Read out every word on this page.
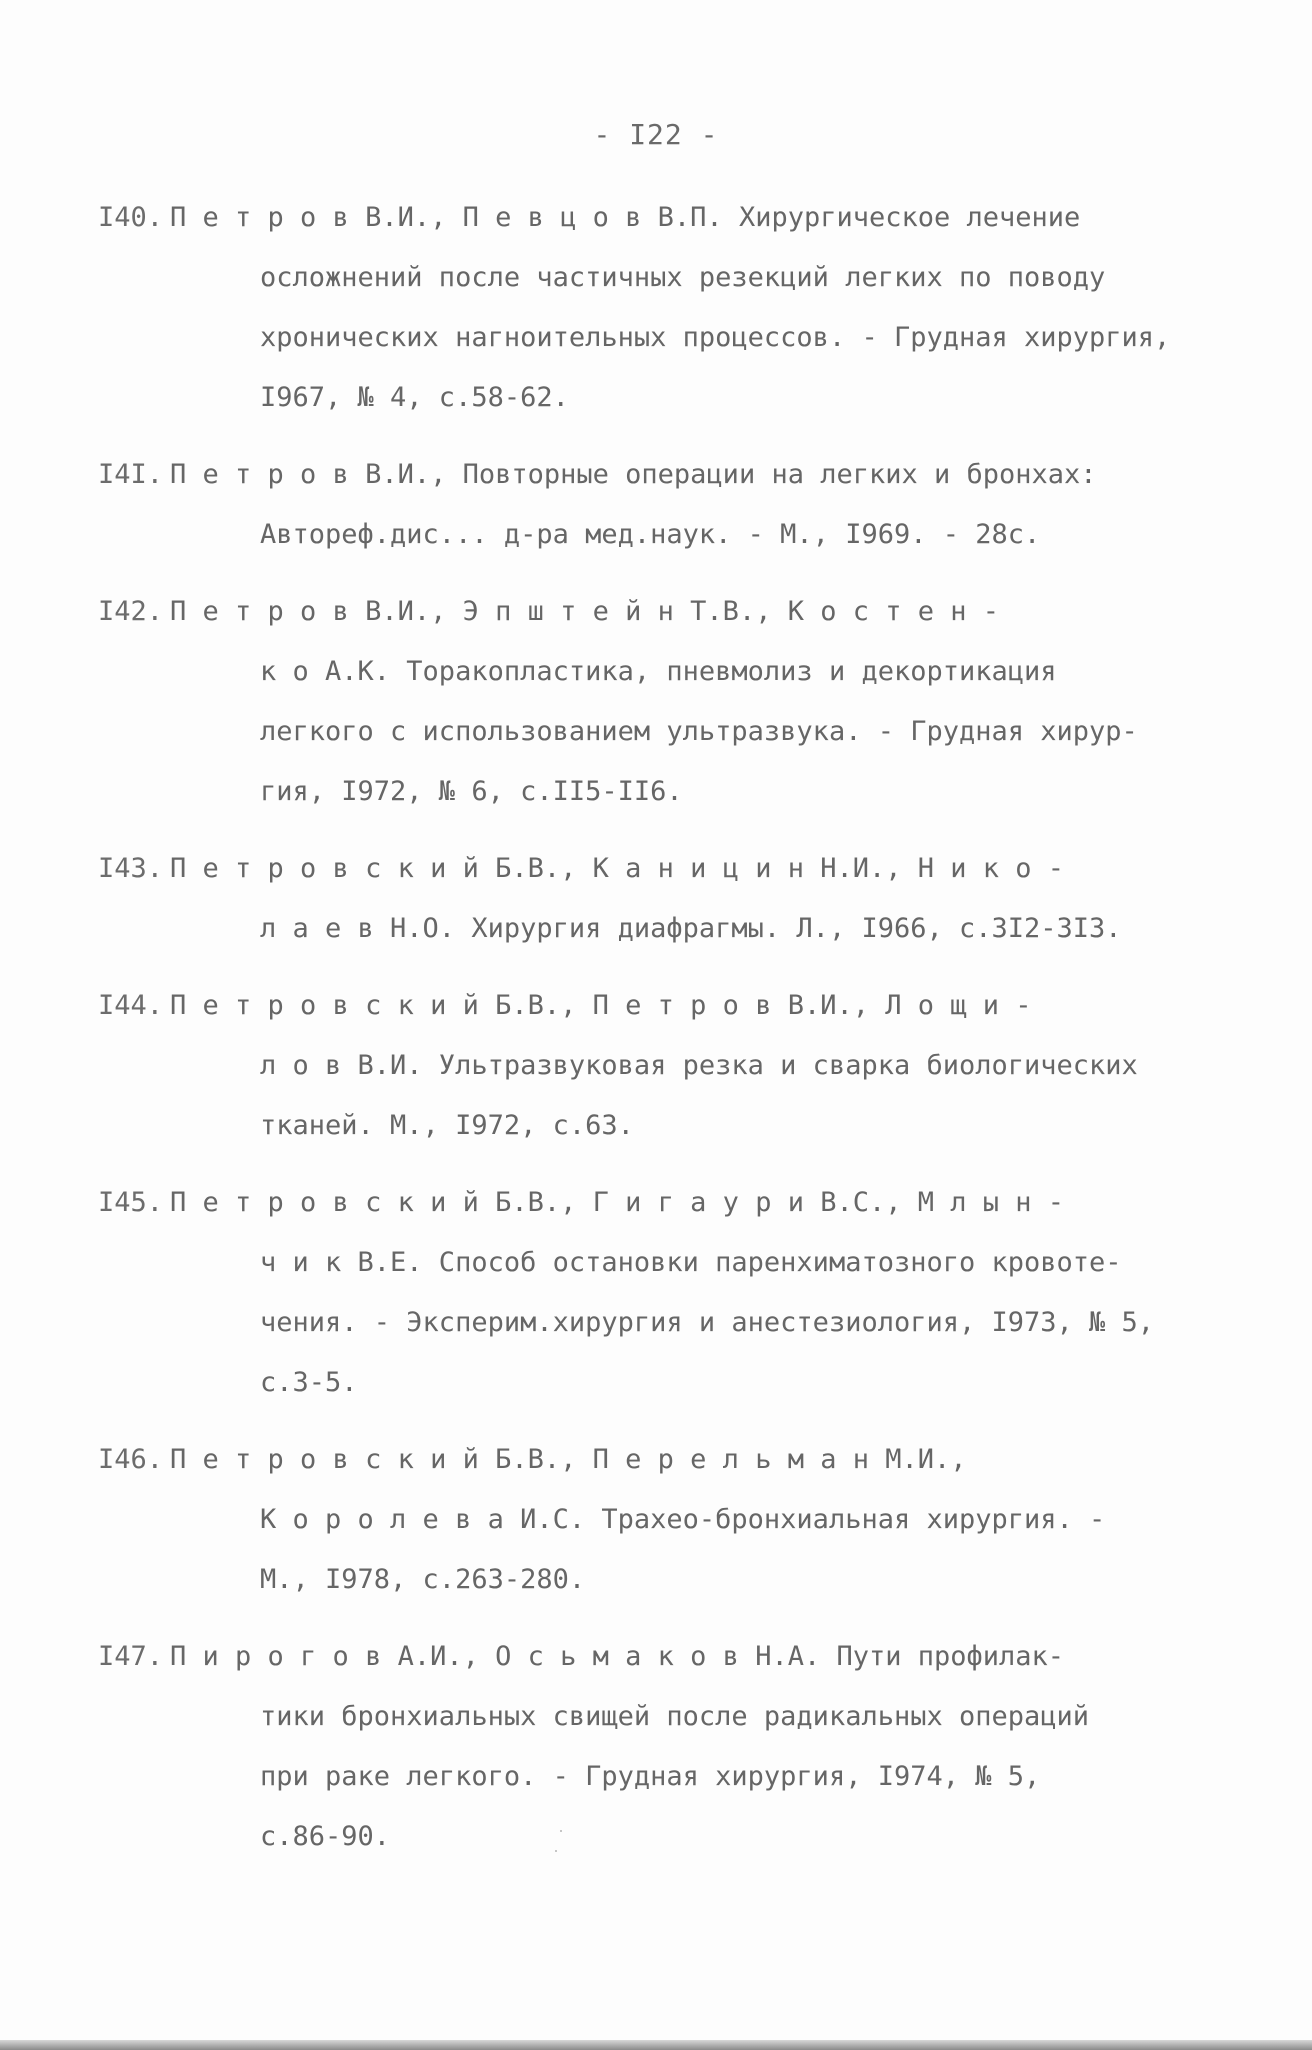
- I22 -
I40. П е т р о в В.И., П е в ц о в В.П. Хирургическое лечение
осложнений после частичных резекций легких по поводу
хронических нагноительных процессов. - Грудная хирургия,
I967, № 4, с.58-62.
I4I. П е т р о в В.И., Повторные операции на легких и бронхах:
Автореф.дис... д-ра мед.наук. - М., I969. - 28с.
I42. П е т р о в В.И., Э п ш т е й н Т.В., К о с т е н -
к о А.К. Торакопластика, пневмолиз и декортикация
легкого с использованием ультразвука. - Грудная хирур-
гия, I972, № 6, с.II5-II6.
I43. П е т р о в с к и й Б.В., К а н и ц и н Н.И., Н и к о -
л а е в Н.О. Хирургия диафрагмы. Л., I966, с.3I2-3I3.
I44. П е т р о в с к и й Б.В., П е т р о в В.И., Л о щ и -
л о в В.И. Ультразвуковая резка и сварка биологических
тканей. М., I972, с.63.
I45. П е т р о в с к и й Б.В., Г и г а у р и В.С., М л ы н -
ч и к В.Е. Способ остановки паренхиматозного кровоте-
чения. - Эксперим.хирургия и анестезиология, I973, № 5,
с.3-5.
I46. П е т р о в с к и й Б.В., П е р е л ь м а н М.И.,
К о р о л е в а И.С. Трахео-бронхиальная хирургия. -
М., I978, с.263-280.
I47. П и р о г о в А.И., О с ь м а к о в Н.А. Пути профилак-
тики бронхиальных свищей после радикальных операций
при раке легкого. - Грудная хирургия, I974, № 5,
с.86-90.
